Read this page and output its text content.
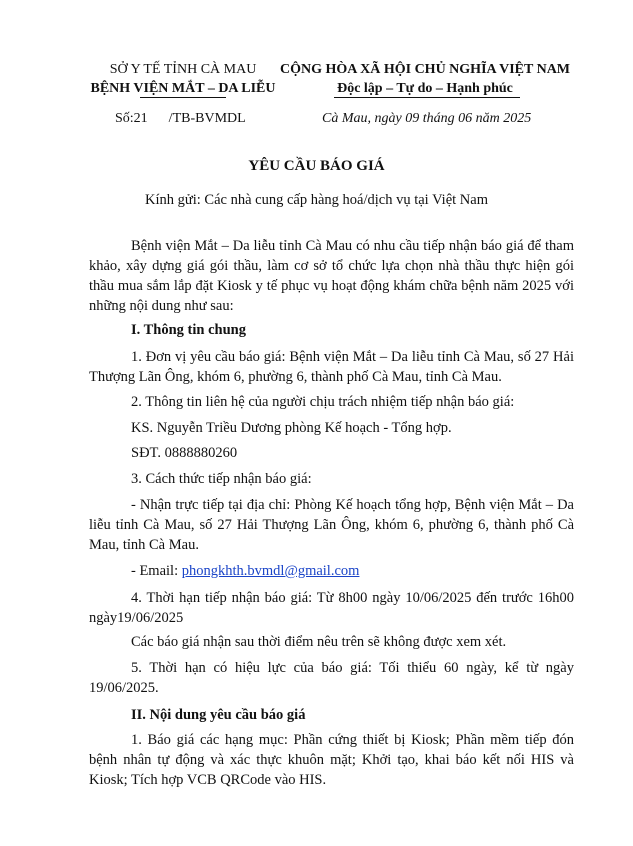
SỞ Y TẾ TỈNH CÀ MAU
BỆNH VIỆN MẮT – DA LIỄU
CỘNG HÒA XÃ HỘI CHỦ NGHĨA VIỆT NAM
Độc lập – Tự do – Hạnh phúc
Số:21      /TB-BVMDL	Cà Mau, ngày 09 tháng 06 năm 2025
YÊU CẦU BÁO GIÁ
Kính gửi: Các nhà cung cấp hàng hoá/dịch vụ tại Việt Nam
Bệnh viện Mắt – Da liễu tỉnh Cà Mau có nhu cầu tiếp nhận báo giá để tham khảo, xây dựng giá gói thầu, làm cơ sở tổ chức lựa chọn nhà thầu thực hiện gói thầu mua sắm lắp đặt Kiosk y tế phục vụ hoạt động khám chữa bệnh năm 2025 với những nội dung như sau:
I. Thông tin chung
1. Đơn vị yêu cầu báo giá: Bệnh viện Mắt – Da liễu tỉnh Cà Mau, số 27 Hải Thượng Lãn Ông, khóm 6, phường 6, thành phố Cà Mau, tỉnh Cà Mau.
2. Thông tin liên hệ của người chịu trách nhiệm tiếp nhận báo giá:
KS. Nguyễn Triều Dương phòng Kế hoạch - Tổng hợp.
SĐT. 0888880260
3. Cách thức tiếp nhận báo giá:
- Nhận trực tiếp tại địa chỉ: Phòng Kế hoạch tổng hợp, Bệnh viện Mắt – Da liễu tỉnh Cà Mau, số 27 Hải Thượng Lãn Ông, khóm 6, phường 6, thành phố Cà Mau, tỉnh Cà Mau.
- Email: phongkhth.bvmdl@gmail.com
4. Thời hạn tiếp nhận báo giá: Từ 8h00 ngày 10/06/2025 đến trước 16h00 ngày19/06/2025
Các báo giá nhận sau thời điểm nêu trên sẽ không được xem xét.
5. Thời hạn có hiệu lực của báo giá: Tối thiểu 60 ngày, kể từ ngày 19/06/2025.
II. Nội dung yêu cầu báo giá
1. Báo giá các hạng mục: Phần cứng thiết bị Kiosk; Phần mềm tiếp đón bệnh nhân tự động và xác thực khuôn mặt; Khởi tạo, khai báo kết nối HIS và Kiosk; Tích hợp VCB QRCode vào HIS.
